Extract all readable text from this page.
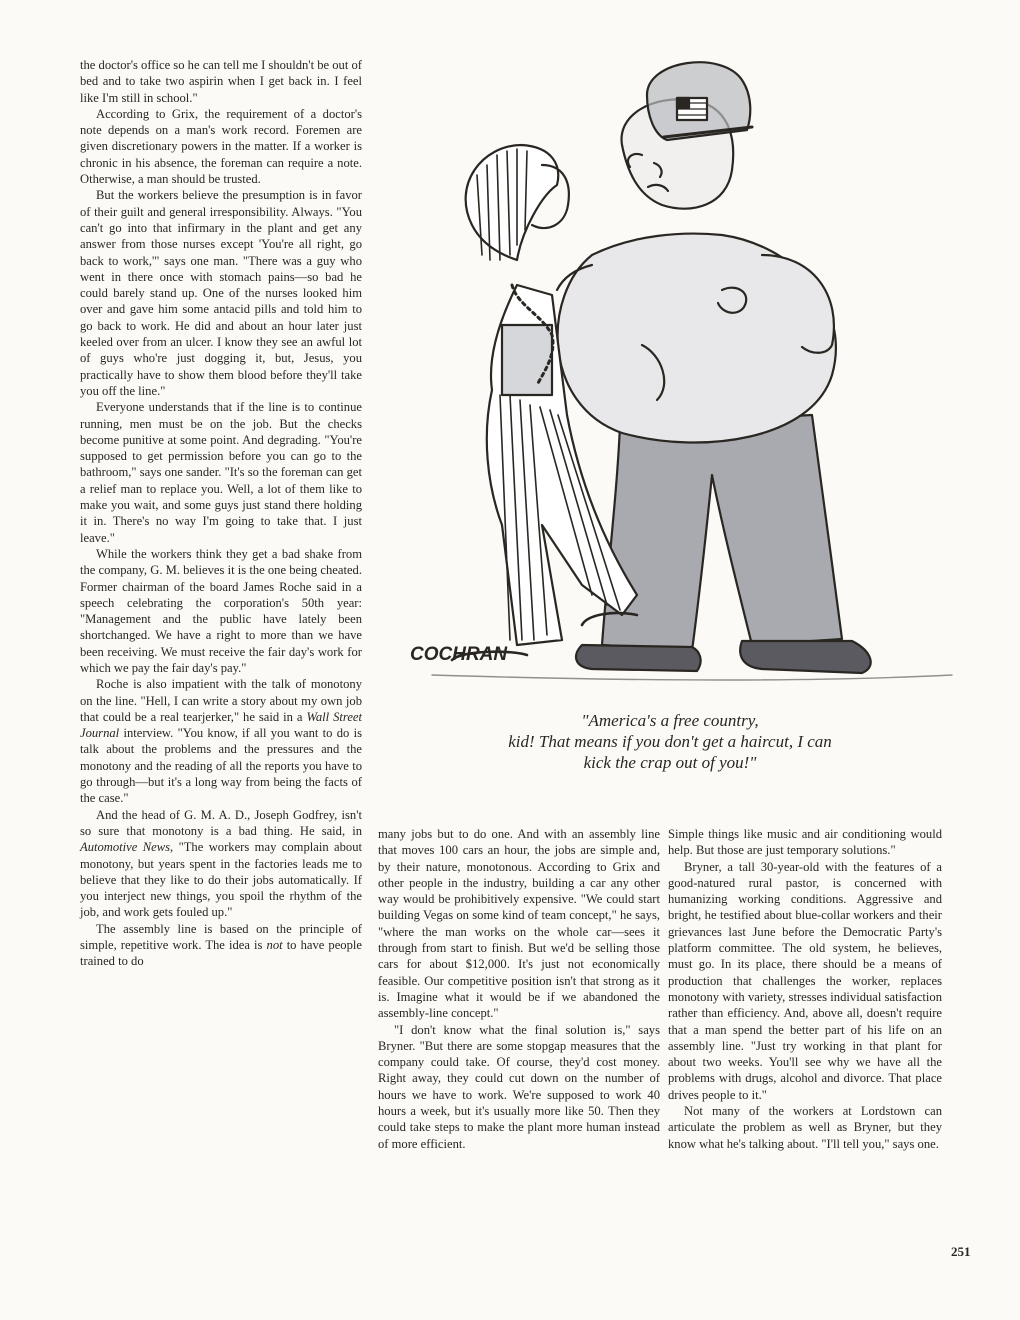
the doctor's office so he can tell me I shouldn't be out of bed and to take two aspirin when I get back in. I feel like I'm still in school."

According to Grix, the requirement of a doctor's note depends on a man's work record. Foremen are given discretionary powers in the matter. If a worker is chronic in his absence, the foreman can require a note. Otherwise, a man should be trusted.

But the workers believe the presumption is in favor of their guilt and general irresponsibility. Always. "You can't go into that infirmary in the plant and get any answer from those nurses except 'You're all right, go back to work,'" says one man. "There was a guy who went in there once with stomach pains—so bad he could barely stand up. One of the nurses looked him over and gave him some antacid pills and told him to go back to work. He did and about an hour later just keeled over from an ulcer. I know they see an awful lot of guys who're just dogging it, but, Jesus, you practically have to show them blood before they'll take you off the line."

Everyone understands that if the line is to continue running, men must be on the job. But the checks become punitive at some point. And degrading. "You're supposed to get permission before you can go to the bathroom," says one sander. "It's so the foreman can get a relief man to replace you. Well, a lot of them like to make you wait, and some guys just stand there holding it in. There's no way I'm going to take that. I just leave."

While the workers think they get a bad shake from the company, G. M. believes it is the one being cheated. Former chairman of the board James Roche said in a speech celebrating the corporation's 50th year: "Management and the public have lately been shortchanged. We have a right to more than we have been receiving. We must receive the fair day's work for which we pay the fair day's pay."

Roche is also impatient with the talk of monotony on the line. "Hell, I can write a story about my own job that could be a real tearjerker," he said in a Wall Street Journal interview. "You know, if all you want to do is talk about the problems and the pressures and the monotony and the reading of all the reports you have to go through—but it's a long way from being the facts of the case."

And the head of G. M. A. D., Joseph Godfrey, isn't so sure that monotony is a bad thing. He said, in Automotive News, "The workers may complain about monotony, but years spent in the factories leads me to believe that they like to do their jobs automatically. If you interject new things, you spoil the rhythm of the job, and work gets fouled up."

The assembly line is based on the principle of simple, repetitive work. The idea is not to have people trained to do

COCHRAN
"America's a free country,
kid! That means if you don't get a haircut, I can
kick the crap out of you!"

many jobs but to do one. And with an assembly line that moves 100 cars an hour, the jobs are simple and, by their nature, monotonous. According to Grix and other people in the industry, building a car any other way would be prohibitively expensive. "We could start building Vegas on some kind of team concept," he says, "where the man works on the whole car—sees it through from start to finish. But we'd be selling those cars for about $12,000. It's just not economically feasible. Our competitive position isn't that strong as it is. Imagine what it would be if we abandoned the assembly-line concept."

"I don't know what the final solution is," says Bryner. "But there are some stopgap measures that the company could take. Of course, they'd cost money. Right away, they could cut down on the number of hours we have to work. We're supposed to work 40 hours a week, but it's usually more like 50. Then they could take steps to make the plant more human instead of more efficient.

Simple things like music and air conditioning would help. But those are just temporary solutions."

Bryner, a tall 30-year-old with the features of a good-natured rural pastor, is concerned with humanizing working conditions. Aggressive and bright, he testified about blue-collar workers and their grievances last June before the Democratic Party's platform committee. The old system, he believes, must go. In its place, there should be a means of production that challenges the worker, replaces monotony with variety, stresses individual satisfaction rather than efficiency. And, above all, doesn't require that a man spend the better part of his life on an assembly line. "Just try working in that plant for about two weeks. You'll see why we have all the problems with drugs, alcohol and divorce. That place drives people to it."

Not many of the workers at Lordstown can articulate the problem as well as Bryner, but they know what he's talking about. "I'll tell you," says one.

251
